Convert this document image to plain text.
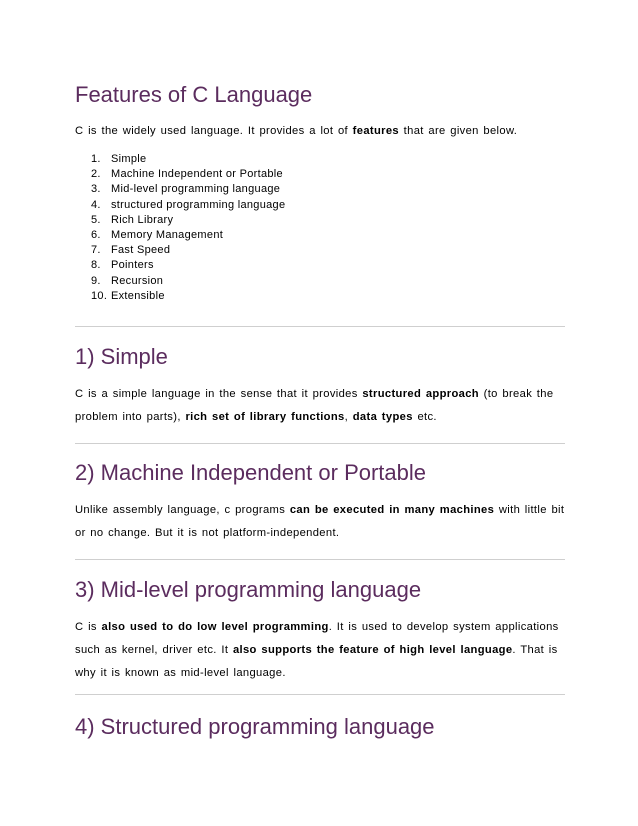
Features of C Language

C is the widely used language. It provides a lot of features that are given below.

1. Simple
2. Machine Independent or Portable
3. Mid-level programming language
4. structured programming language
5. Rich Library
6. Memory Management
7. Fast Speed
8. Pointers
9. Recursion
10. Extensible
1) Simple

C is a simple language in the sense that it provides structured approach (to break the problem into parts), rich set of library functions, data types etc.

2) Machine Independent or Portable

Unlike assembly language, c programs can be executed in many machines with little bit or no change. But it is not platform-independent.

3) Mid-level programming language

C is also used to do low level programming. It is used to develop system applications such as kernel, driver etc. It also supports the feature of high level language. That is why it is known as mid-level language.

4) Structured programming language
